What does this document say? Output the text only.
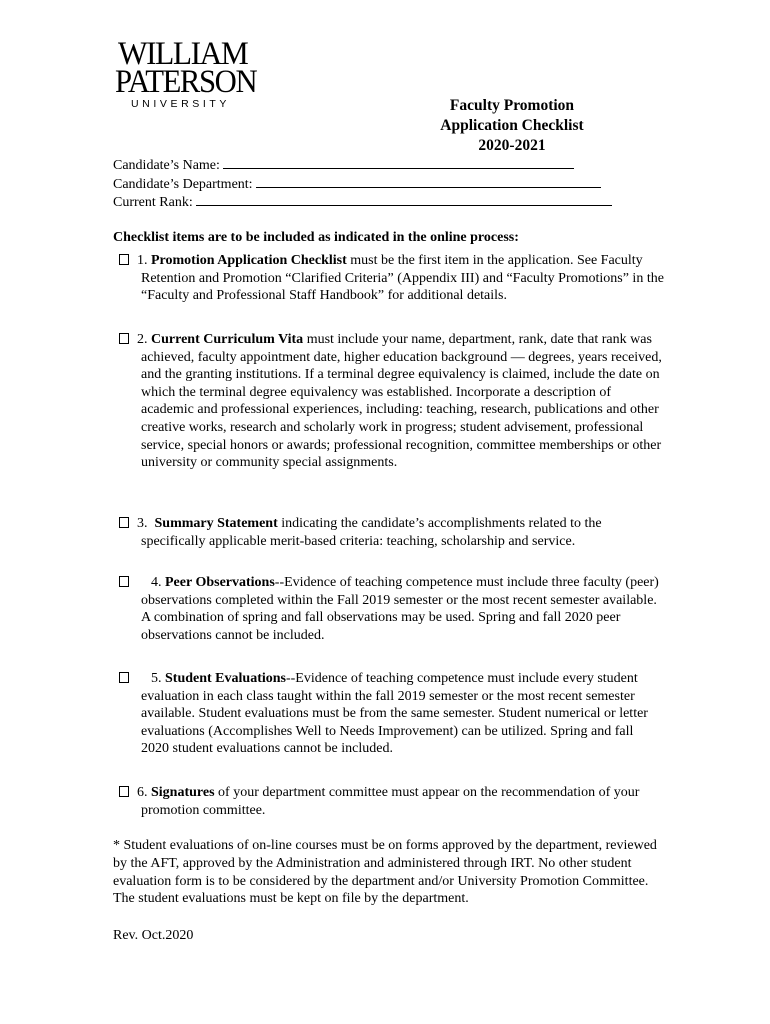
WILLIAM
PATERSON
UNIVERSITY	Faculty Promotion
Application Checklist
2020-2021
Candidate’s Name:
Candidate’s Department:
Current Rank:
Checklist items are to be included as indicated in the online process:
1. Promotion Application Checklist must be the first item in the application. See Faculty Retention and Promotion “Clarified Criteria” (Appendix III) and “Faculty Promotions” in the “Faculty and Professional Staff Handbook” for additional details.
2. Current Curriculum Vita must include your name, department, rank, date that rank was achieved, faculty appointment date, higher education background — degrees, years received, and the granting institutions. If a terminal degree equivalency is claimed, include the date on which the terminal degree equivalency was established. Incorporate a description of academic and professional experiences, including: teaching, research, publications and other creative works, research and scholarly work in progress; student advisement, professional service, special honors or awards; professional recognition, committee memberships or other university or community special assignments.
3. Summary Statement indicating the candidate’s accomplishments related to the specifically applicable merit-based criteria: teaching, scholarship and service.
4. Peer Observations--Evidence of teaching competence must include three faculty (peer) observations completed within the Fall 2019 semester or the most recent semester available. A combination of spring and fall observations may be used. Spring and fall 2020 peer observations cannot be included.
5. Student Evaluations--Evidence of teaching competence must include every student evaluation in each class taught within the fall 2019 semester or the most recent semester available. Student evaluations must be from the same semester. Student numerical or letter evaluations (Accomplishes Well to Needs Improvement) can be utilized. Spring and fall 2020 student evaluations cannot be included.
6. Signatures of your department committee must appear on the recommendation of your promotion committee.
* Student evaluations of on-line courses must be on forms approved by the department, reviewed by the AFT, approved by the Administration and administered through IRT. No other student evaluation form is to be considered by the department and/or University Promotion Committee. The student evaluations must be kept on file by the department.
Rev. Oct.2020
